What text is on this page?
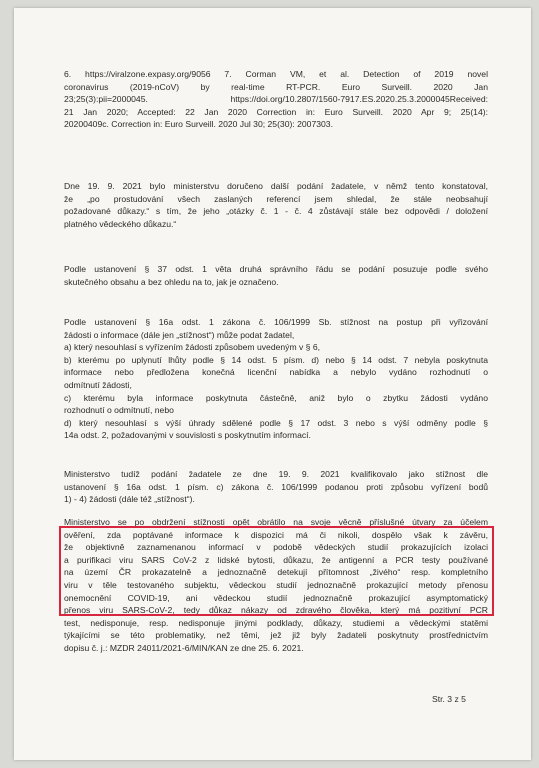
6. https://viralzone.expasy.org/9056 7. Corman VM, et al. Detection of 2019 novel
coronavirus (2019-nCoV) by real-time RT-PCR. Euro Surveill. 2020 Jan
23;25(3):pii=2000045. https://doi.org/10.2807/1560-7917.ES.2020.25.3.2000045Received:
21 Jan 2020; Accepted: 22 Jan 2020 Correction in: Euro Surveill. 2020 Apr 9; 25(14):
20200409c. Correction in: Euro Surveill. 2020 Jul 30; 25(30): 2007303.
Dne 19. 9. 2021 bylo ministerstvu doručeno další podání žadatele, v němž tento konstatoval,
že „po prostudování všech zaslaných referencí jsem shledal, že stále neobsahují
požadované důkazy.“ s tím, že jeho „otázky č. 1 - č. 4 zůstávají stále bez odpovědi / doložení
platného vědeckého důkazu.“
Podle ustanovení § 37 odst. 1 věta druhá správního řádu se podání posuzuje podle svého
skutečného obsahu a bez ohledu na to, jak je označeno.
Podle ustanovení § 16a odst. 1 zákona č. 106/1999 Sb. stížnost na postup při vyřizování
žádosti o informace (dále jen „stížnost“) může podat žadatel,
a) který nesouhlasí s vyřízením žádosti způsobem uvedeným v § 6,
b) kterému po uplynutí lhůty podle § 14 odst. 5 písm. d) nebo § 14 odst. 7 nebyla poskytnuta
informace nebo předložena konečná licenční nabídka a nebylo vydáno rozhodnutí o
odmítnutí žádosti,
c) kterému byla informace poskytnuta částečně, aniž bylo o zbytku žádosti vydáno
rozhodnutí o odmítnutí, nebo
d) který nesouhlasí s výší úhrady sdělené podle § 17 odst. 3 nebo s výší odměny podle §
14a odst. 2, požadovanými v souvislosti s poskytnutím informací.
Ministerstvo tudíž podání žadatele ze dne 19. 9. 2021 kvalifikovalo jako stížnost dle
ustanovení § 16a odst. 1 písm. c) zákona č. 106/1999 podanou proti způsobu vyřízení bodů
1) - 4) žádosti (dále též „stížnost“).
Ministerstvo se po obdržení stížnosti opět obrátilo na svoje věcně příslušné útvary za účelem
ověření, zda poptávané informace k dispozici má či nikoli, dospělo však k závěru,
že objektivně zaznamenanou informací v podobě vědeckých studií prokazujících izolaci
a purifikaci viru SARS CoV-2 z lidské bytosti, důkazu, že antigenní a PCR testy používané
na území ČR prokazatelně a jednoznačně detekují přítomnost „živého“ resp. kompletního
viru v těle testovaného subjektu, vědeckou studií jednoznačně prokazující metody přenosu
onemocnění COVID-19, ani vědeckou studií jednoznačně prokazující asymptomatický
přenos viru SARS-CoV-2, tedy důkaz nákazy od zdravého člověka, který má pozitivní PCR
test, nedisponuje, resp. nedisponuje jinými podklady, důkazy, studiemi a vědeckými statěmi
týkajícími se této problematiky, než těmi, jež již byly žadateli poskytnuty prostřednictvím
dopisu č. j.: MZDR 24011/2021-6/MIN/KAN ze dne 25. 6. 2021.
Str. 3 z 5
